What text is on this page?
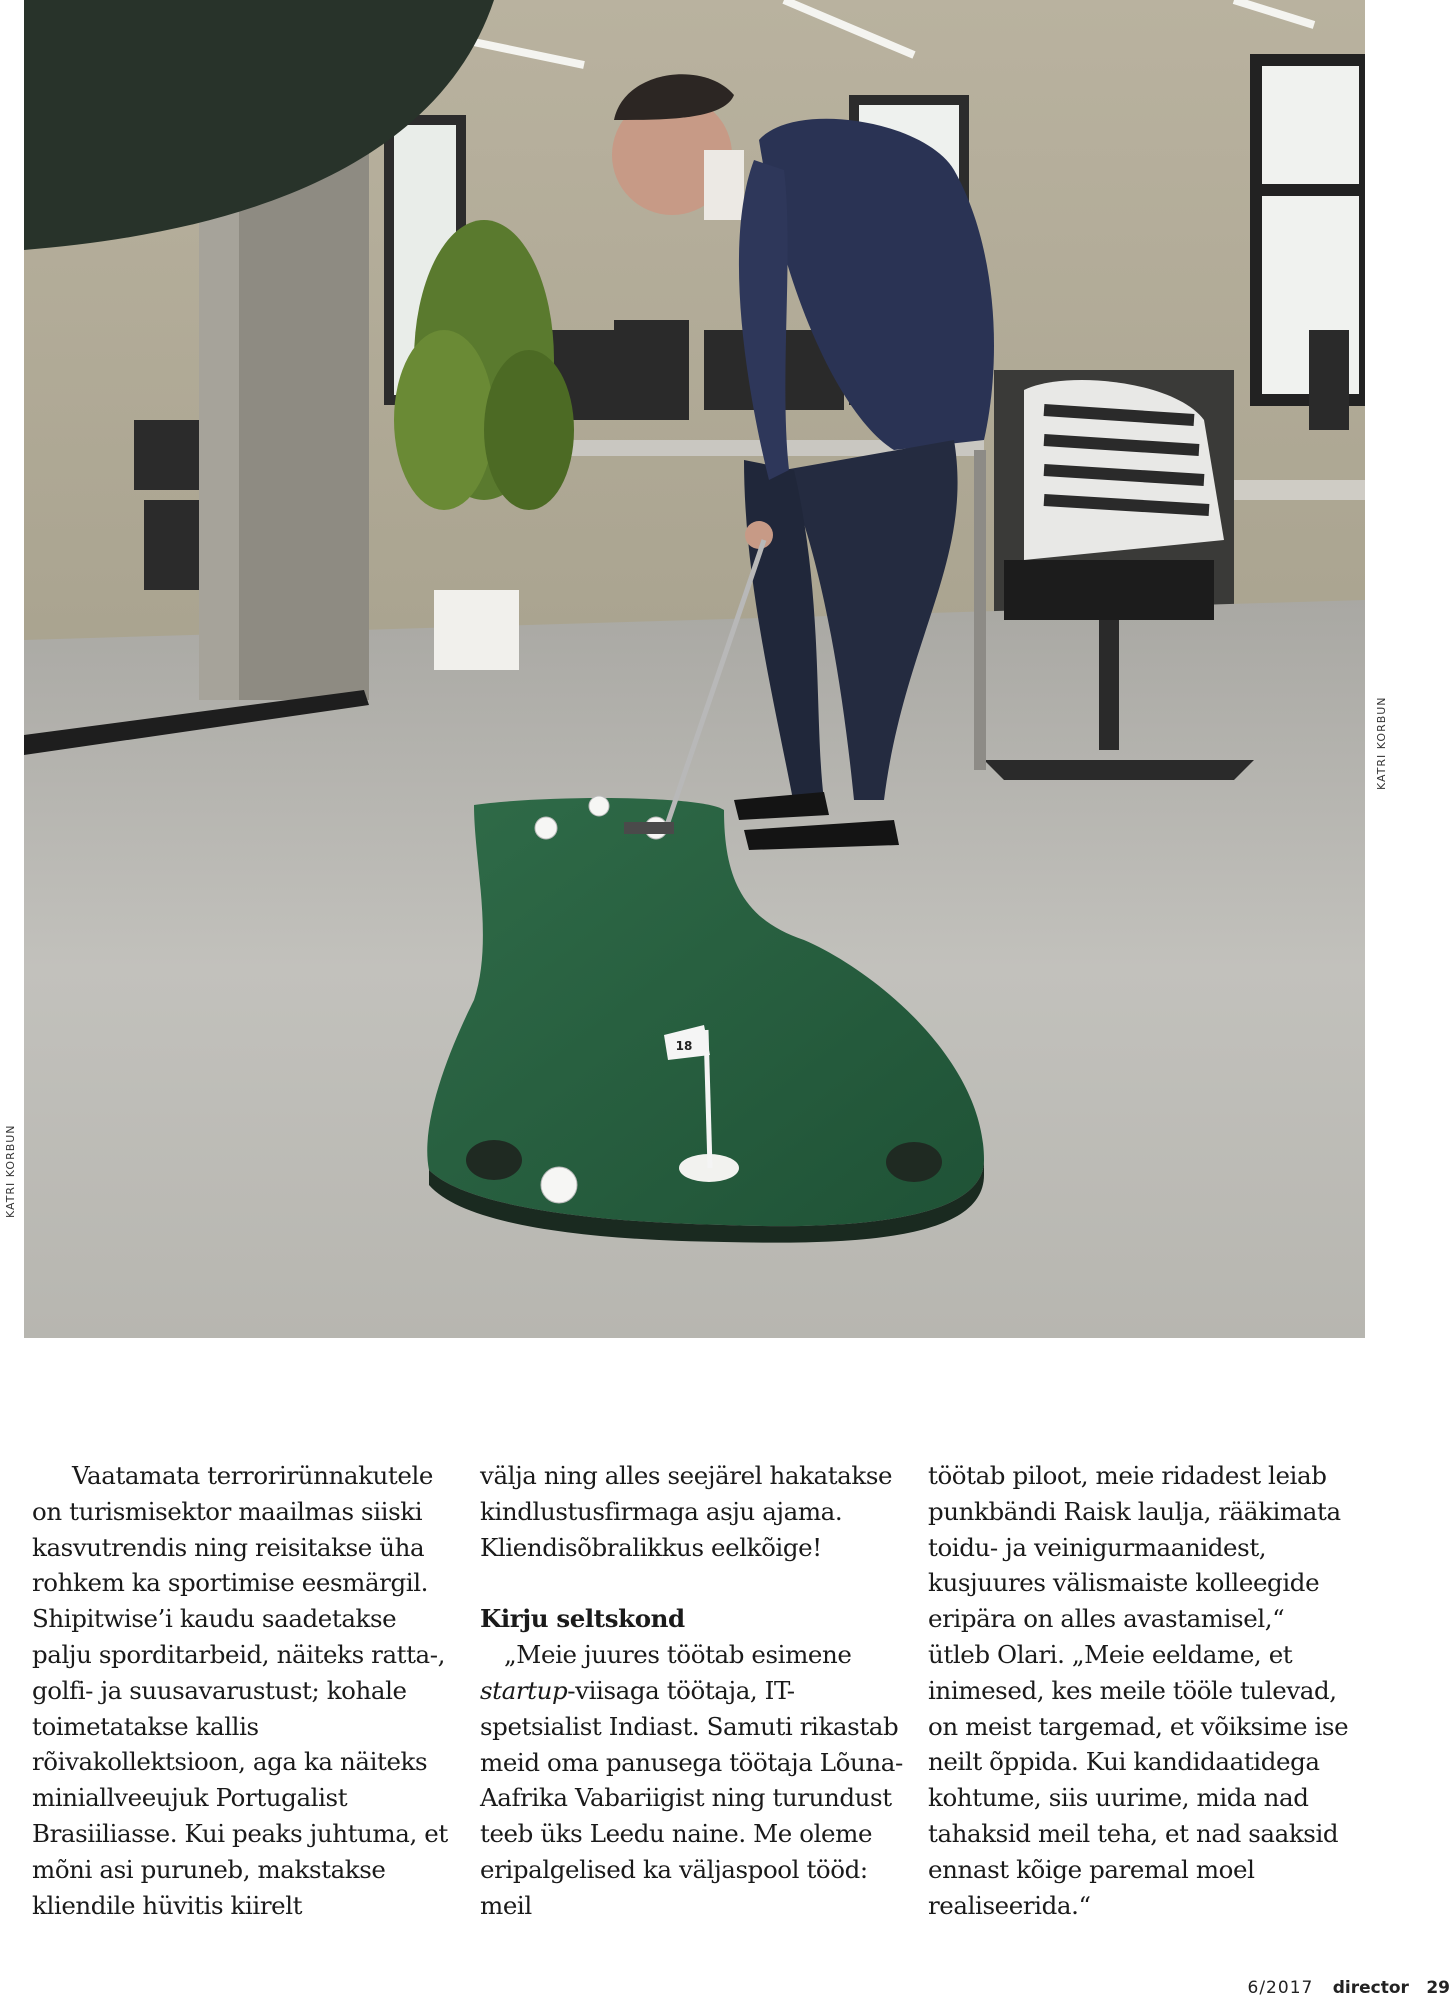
18
KATRI KORBUN
KATRI KORBUN

Vaatamata terrorirünnakutele on turismisektor maailmas siiski kasvutrendis ning reisitakse üha rohkem ka sportimise eesmärgil. Shipitwise’i kaudu saadetakse palju sporditarbeid, näiteks ratta-, golfi- ja suusavarustust; kohale toimetatakse kallis rõivakollektsioon, aga ka näiteks miniallveeujuk Portugalist Brasiiliasse. Kui peaks juhtuma, et mõni asi puruneb, makstakse kliendile hüvitis kiirelt

välja ning alles seejärel hakatakse kindlustusfirmaga asju ajama. Kliendisõbralikkus eelkõige!

Kirju seltskond

„Meie juures töötab esimene startup-viisaga töötaja, IT-spetsialist Indiast. Samuti rikastab meid oma panusega töötaja Lõuna-Aafrika Vabariigist ning turundust teeb üks Leedu naine. Me oleme eripalgelised ka väljaspool tööd: meil

töötab piloot, meie ridadest leiab punkbändi Raisk laulja, rääkimata toidu- ja veinigurmaanidest, kusjuures välismaiste kolleegide eripära on alles avastamisel,“ ütleb Olari. „Meie eeldame, et inimesed, kes meile tööle tulevad, on meist targemad, et võiksime ise neilt õppida. Kui kandidaatidega kohtume, siis uurime, mida nad tahaksid meil teha, et nad saaksid ennast kõige paremal moel realiseerida.“

6/2017 director 29
